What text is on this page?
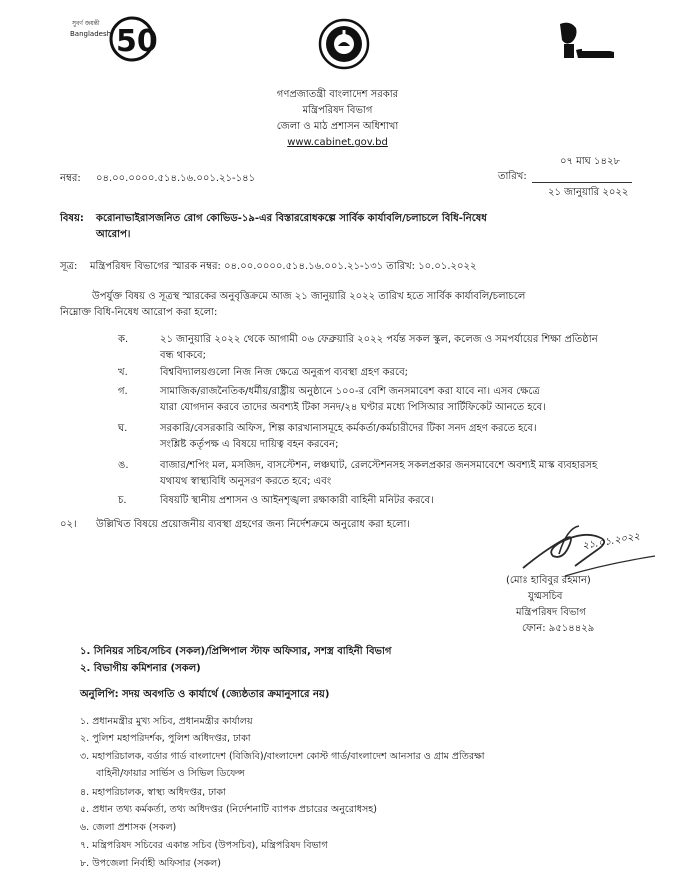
50
সুবর্ণ জয়ন্তী
Bangladesh
গণপ্রজাতন্ত্রী বাংলাদেশ সরকার
মন্ত্রিপরিষদ বিভাগ
জেলা ও মাঠ প্রশাসন অধিশাখা
www.cabinet.gov.bd
০৭ মাঘ ১৪২৮
নম্বর: ০৪.০০.০০০০.৫১৪.১৬.০০১.২১-১৪১	তারিখ:
২১ জানুয়ারি ২০২২
বিষয়: করোনাভাইরাসজনিত রোগ কোভিড-১৯-এর বিস্তাররোধকল্পে সার্বিক কার্যাবলি/চলাচলে বিধি-নিষেধ
আরোপ।
সূত্র: মন্ত্রিপরিষদ বিভাগের স্মারক নম্বর: ০৪.০০.০০০০.৫১৪.১৬.০০১.২১-১৩১ তারিখ: ১০.০১.২০২২
উপর্যুক্ত বিষয় ও সূত্রস্থ স্মারকের অনুবৃত্তিক্রমে আজ ২১ জানুয়ারি ২০২২ তারিখ হতে সার্বিক কার্যাবলি/চলাচলে
নিম্নোক্ত বিধি-নিষেধ আরোপ করা হলো:
ক.	২১ জানুয়ারি ২০২২ থেকে আগামী ০৬ ফেব্রুয়ারি ২০২২ পর্যন্ত সকল স্কুল, কলেজ ও সমপর্যায়ের শিক্ষা প্রতিষ্ঠান
বন্ধ থাকবে;
খ.	বিশ্ববিদ্যালয়গুলো নিজ নিজ ক্ষেত্রে অনুরূপ ব্যবস্থা গ্রহণ করবে;
গ.	সামাজিক/রাজনৈতিক/ধর্মীয়/রাষ্ট্রীয় অনুষ্ঠানে ১০০-র বেশি জনসমাবেশ করা যাবে না। এসব ক্ষেত্রে
যারা যোগদান করবে তাদের অবশ্যই টিকা সনদ/২৪ ঘণ্টার মধ্যে পিসিআর সার্টিফিকেট আনতে হবে।
ঘ.	সরকারি/বেসরকারি অফিস, শিল্প কারখানাসমূহে কর্মকর্তা/কর্মচারীদের টিকা সনদ গ্রহণ করতে হবে।
সংশ্লিষ্ট কর্তৃপক্ষ এ বিষয়ে দায়িত্ব বহন করবেন;
ঙ.	বাজার/শপিং মল, মসজিদ, বাসস্টেশন, লঞ্চঘাট, রেলস্টেশনসহ সকলপ্রকার জনসমাবেশে অবশ্যই মাস্ক ব্যবহারসহ
যথাযথ স্বাস্থ্যবিধি অনুসরণ করতে হবে; এবং
চ.	বিষয়টি স্থানীয় প্রশাসন ও আইনশৃঙ্খলা রক্ষাকারী বাহিনী মনিটর করবে।
০২। উল্লিখিত বিষয়ে প্রয়োজনীয় ব্যবস্থা গ্রহণের জন্য নির্দেশক্রমে অনুরোধ করা হলো।
২১.০১.২০২২
(মোঃ হাবিবুর রহমান)
যুগ্মসচিব
মন্ত্রিপরিষদ বিভাগ
ফোন: ৯৫১৪৪২৯
১. সিনিয়র সচিব/সচিব (সকল)/প্রিন্সিপাল স্টাফ অফিসার, সশস্ত্র বাহিনী বিভাগ
২. বিভাগীয় কমিশনার (সকল)
অনুলিপি: সদয় অবগতি ও কার্যার্থে (জ্যেষ্ঠতার ক্রমানুসারে নয়)
১. প্রধানমন্ত্রীর মুখ্য সচিব, প্রধানমন্ত্রীর কার্যালয়
২. পুলিশ মহাপরিদর্শক, পুলিশ অধিদপ্তর, ঢাকা
৩. মহাপরিচালক, বর্ডার গার্ড বাংলাদেশ (বিজিবি)/বাংলাদেশ কোস্ট গার্ড/বাংলাদেশ আনসার ও গ্রাম প্রতিরক্ষা
বাহিনী/ফায়ার সার্ভিস ও সিভিল ডিফেন্স
৪. মহাপরিচালক, স্বাস্থ্য অধিদপ্তর, ঢাকা
৫. প্রধান তথ্য কর্মকর্তা, তথ্য অধিদপ্তর (নির্দেশনাটি ব্যাপক প্রচারের অনুরোধসহ)
৬. জেলা প্রশাসক (সকল)
৭. মন্ত্রিপরিষদ সচিবের একান্ত সচিব (উপসচিব), মন্ত্রিপরিষদ বিভাগ
৮. উপজেলা নির্বাহী অফিসার (সকল)
